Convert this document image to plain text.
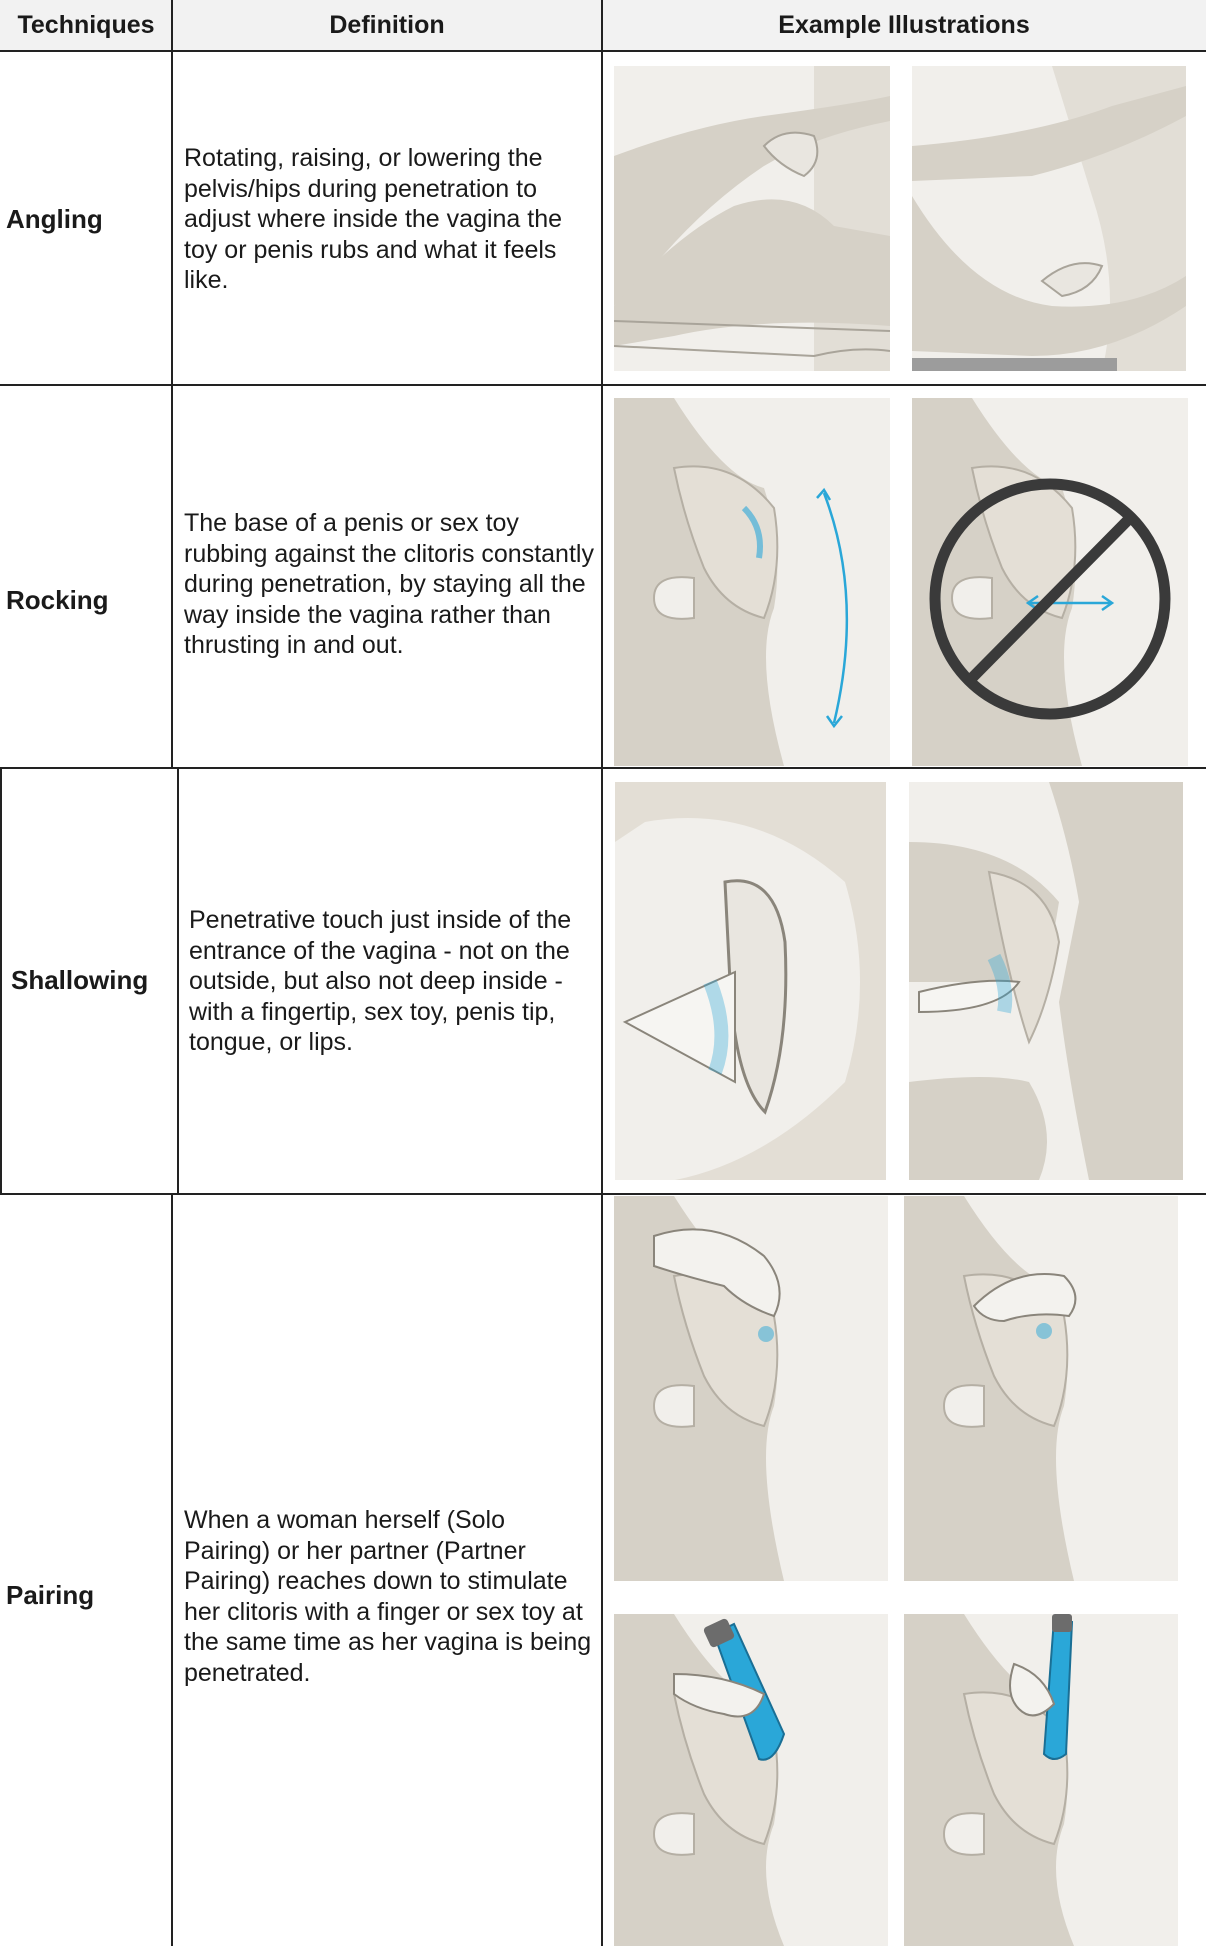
Techniques	Definition	Example Illustrations
Angling
Rotating, raising, or lowering the pelvis/hips during penetration to adjust where inside the vagina the toy or penis rubs and what it feels like.
Rocking
The base of a penis or sex toy rubbing against the clitoris constantly during penetration, by staying all the way inside the vagina rather than thrusting in and out.
Shallowing
Penetrative touch just inside of the entrance of the vagina - not on the outside, but also not deep inside - with a fingertip, sex toy, penis tip, tongue, or lips.
Pairing
When a woman herself (Solo Pairing) or her partner (Partner Pairing) reaches down to stimulate her clitoris with a finger or sex toy at the same time as her vagina is being penetrated.
